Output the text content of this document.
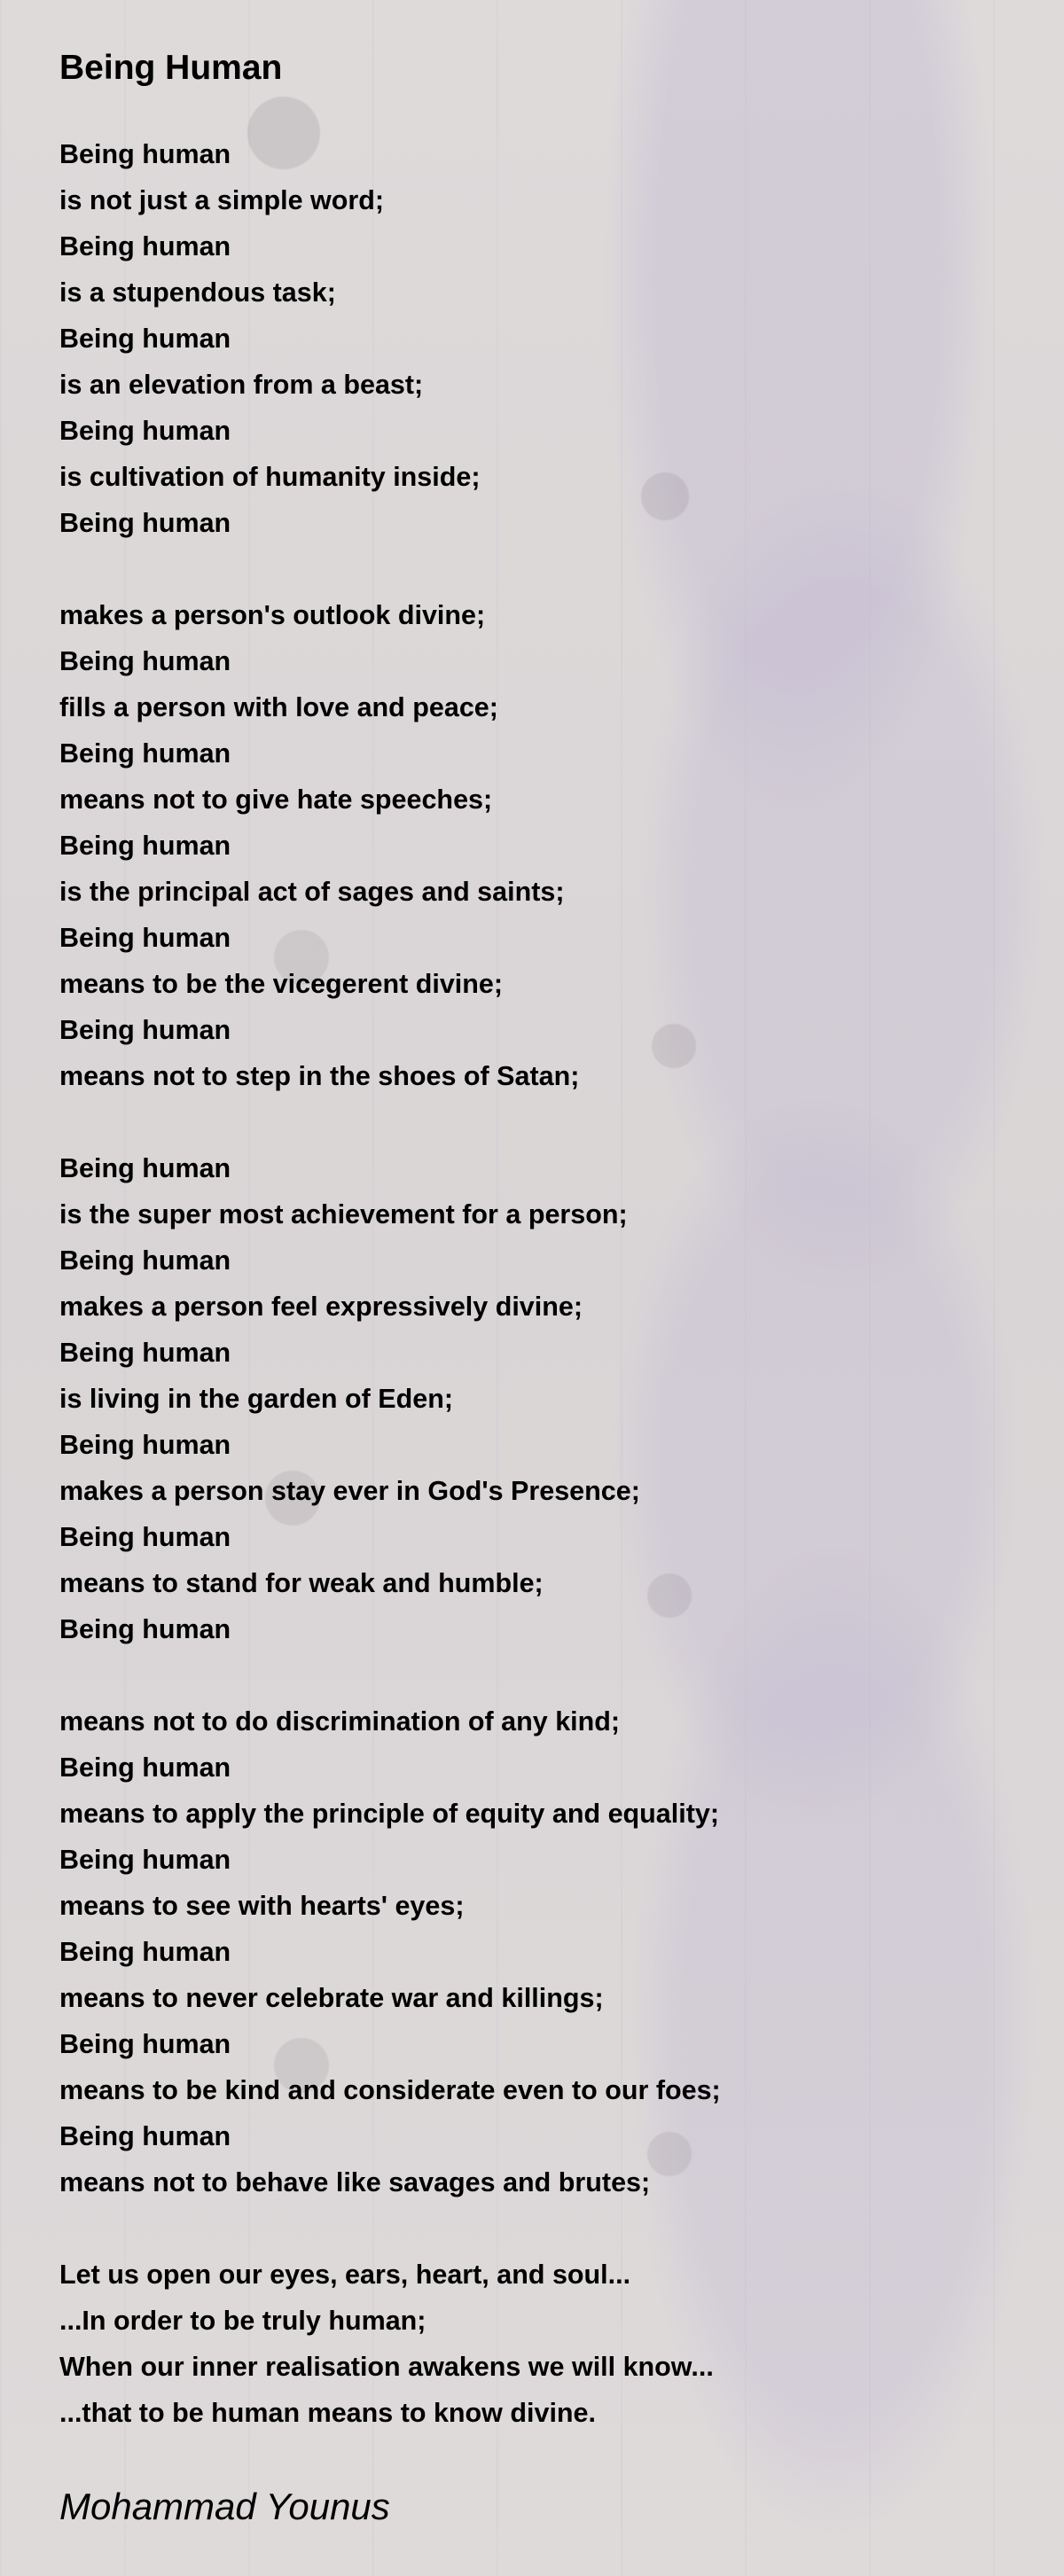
Being Human
Being human
is not just a simple word;
Being human
is a stupendous task;
Being human
is an elevation from a beast;
Being human
is cultivation of humanity inside;
Being human
makes a person's outlook divine;
Being human
fills a person with love and peace;
Being human
means not to give hate speeches;
Being human
is the principal act of sages and saints;
Being human
means to be the vicegerent divine;
Being human
means not to step in the shoes of Satan;
Being human
is the super most achievement for a person;
Being human
makes a person feel expressively divine;
Being human
is living in the garden of Eden;
Being human
makes a person stay ever in God's Presence;
Being human
means to stand for weak and humble;
Being human
means not to do discrimination of any kind;
Being human
means to apply the principle of equity and equality;
Being human
means to see with hearts' eyes;
Being human
means to never celebrate war and killings;
Being human
means to be kind and considerate even to our foes;
Being human
means not to behave like savages and brutes;
Let us open our eyes, ears, heart, and soul...
...In order to be truly human;
When our inner realisation awakens we will know...
...that to be human means to know divine.

Mohammad Younus
